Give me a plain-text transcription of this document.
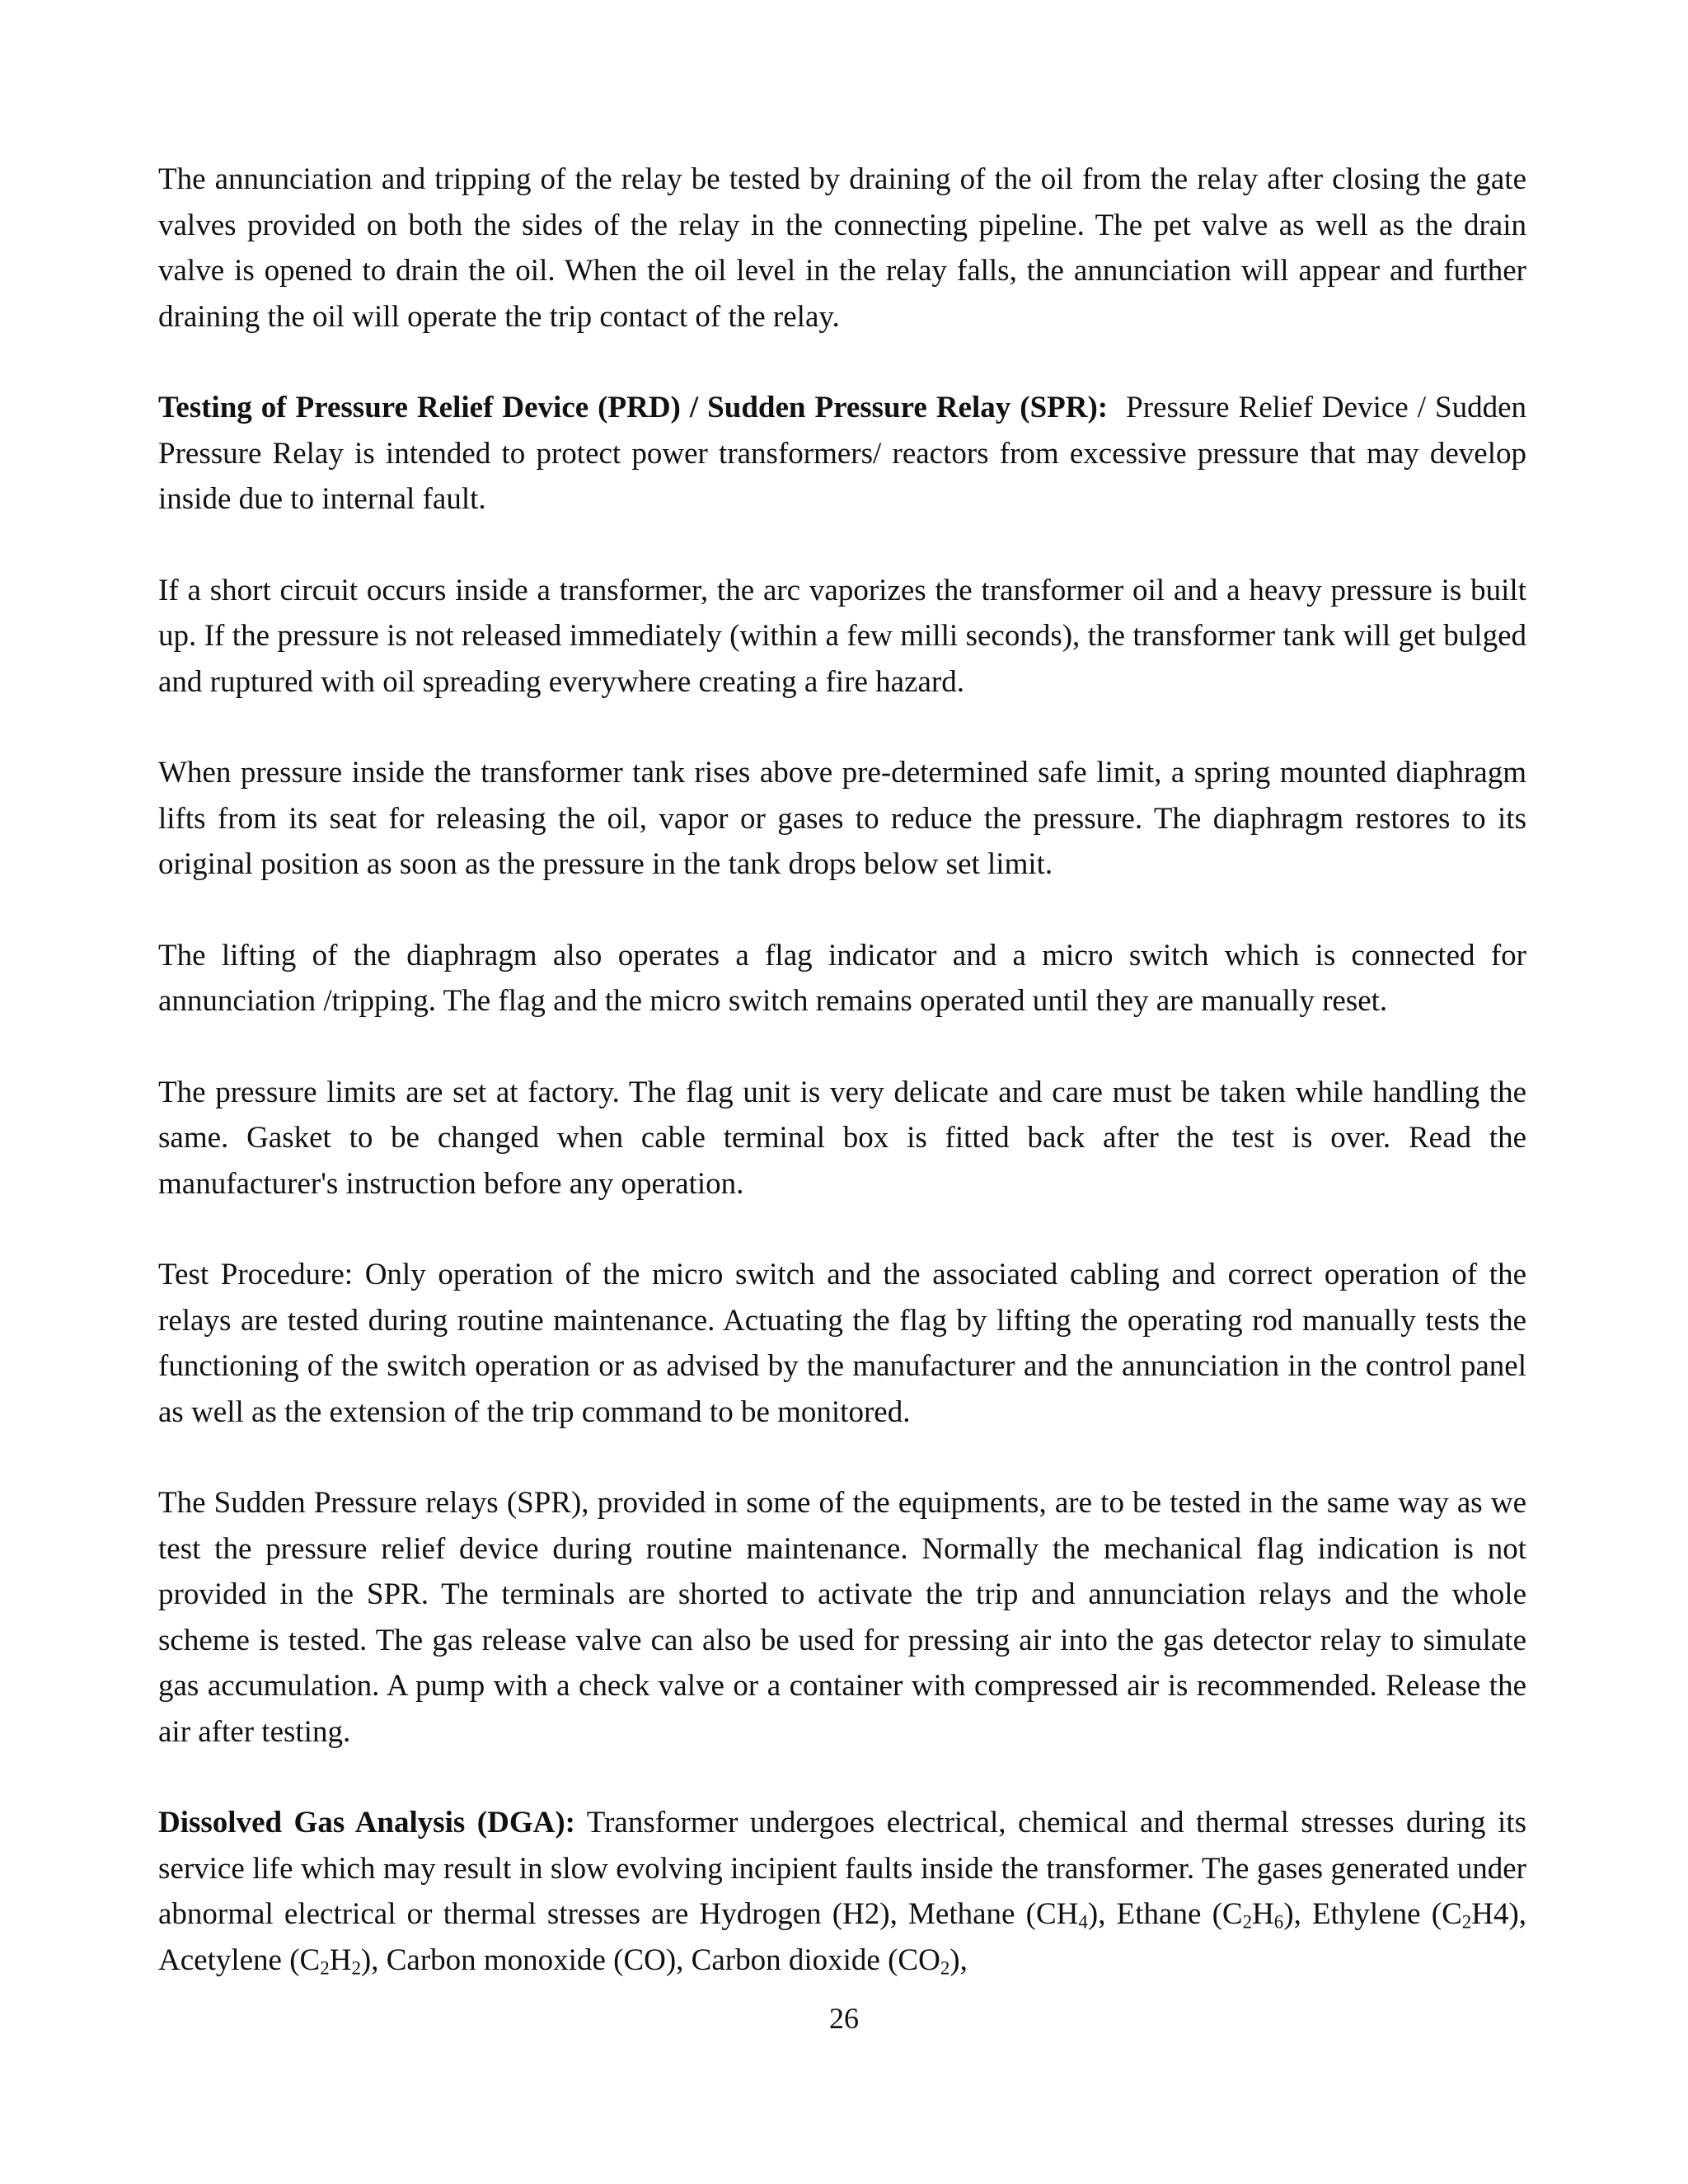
The annunciation and tripping of the relay be tested by draining of the oil from the relay after closing the gate valves provided on both the sides of the relay in the connecting pipeline. The pet valve as well as the drain valve is opened to drain the oil. When the oil level in the relay falls, the annunciation will appear and further draining the oil will operate the trip contact of the relay.

Testing of Pressure Relief Device (PRD) / Sudden Pressure Relay (SPR): Pressure Relief Device / Sudden Pressure Relay is intended to protect power transformers/ reactors from excessive pressure that may develop inside due to internal fault.

If a short circuit occurs inside a transformer, the arc vaporizes the transformer oil and a heavy pressure is built up. If the pressure is not released immediately (within a few milli seconds), the transformer tank will get bulged and ruptured with oil spreading everywhere creating a fire hazard.

When pressure inside the transformer tank rises above pre-determined safe limit, a spring mounted diaphragm lifts from its seat for releasing the oil, vapor or gases to reduce the pressure. The diaphragm restores to its original position as soon as the pressure in the tank drops below set limit.

The lifting of the diaphragm also operates a flag indicator and a micro switch which is connected for annunciation /tripping. The flag and the micro switch remains operated until they are manually reset.

The pressure limits are set at factory. The flag unit is very delicate and care must be taken while handling the same. Gasket to be changed when cable terminal box is fitted back after the test is over. Read the manufacturer's instruction before any operation.

Test Procedure: Only operation of the micro switch and the associated cabling and correct operation of the relays are tested during routine maintenance. Actuating the flag by lifting the operating rod manually tests the functioning of the switch operation or as advised by the manufacturer and the annunciation in the control panel as well as the extension of the trip command to be monitored.

The Sudden Pressure relays (SPR), provided in some of the equipments, are to be tested in the same way as we test the pressure relief device during routine maintenance. Normally the mechanical flag indication is not provided in the SPR. The terminals are shorted to activate the trip and annunciation relays and the whole scheme is tested. The gas release valve can also be used for pressing air into the gas detector relay to simulate gas accumulation. A pump with a check valve or a container with compressed air is recommended. Release the air after testing.

Dissolved Gas Analysis (DGA): Transformer undergoes electrical, chemical and thermal stresses during its service life which may result in slow evolving incipient faults inside the transformer. The gases generated under abnormal electrical or thermal stresses are Hydrogen (H2), Methane $(CH_4)$, Ethane $(C_2H_6)$, Ethylene $(C_2H4)$, Acetylene $(C_2H_2)$, Carbon monoxide (CO), Carbon dioxide $(CO_2)$,

26
